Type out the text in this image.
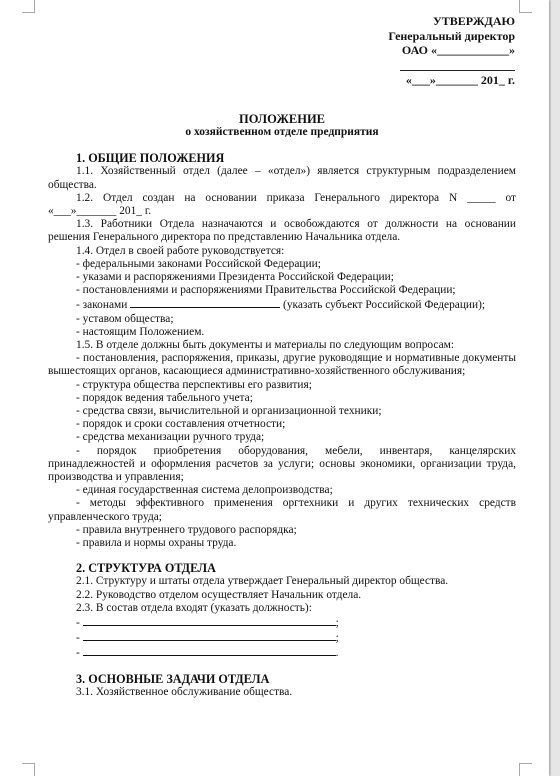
УТВЕРЖДАЮ
Генеральный директор
ОАО «____________»
«___»_______ 201_ г.
ПОЛОЖЕНИЕ
о хозяйственном отделе предприятия
1. ОБЩИЕ ПОЛОЖЕНИЯ
1.1. Хозяйственный отдел (далее – «отдел») является структурным подразделением общества.
1.2. Отдел создан на основании приказа Генерального директора N _____ от «___»_______ 201_ г.
1.3. Работники Отдела назначаются и освобождаются от должности на основании решения Генерального директора по представлению Начальника отдела.
1.4. Отдел в своей работе руководствуется:
- федеральными законами Российской Федерации;
- указами и распоряжениями Президента Российской Федерации;
- постановлениями и распоряжениями Правительства Российской Федерации;
- законами	(указать субъект Российской Федерации);
- уставом общества;
- настоящим Положением.
1.5. В отделе должны быть документы и материалы по следующим вопросам:
- постановления, распоряжения, приказы, другие руководящие и нормативные документы вышестоящих органов, касающиеся административно-хозяйственного обслуживания;
- структура общества перспективы его развития;
- порядок ведения табельного учета;
- средства связи, вычислительной и организационной техники;
- порядок и сроки составления отчетности;
- средства механизации ручного труда;
- порядок приобретения оборудования, мебели, инвентаря, канцелярских принадлежностей и оформления расчетов за услуги; основы экономики, организации труда, производства и управления;
- единая государственная система делопроизводства;
- методы эффективного применения оргтехники и других технических средств управленческого труда;
- правила внутреннего трудового распорядка;
- правила и нормы охраны труда.
2. СТРУКТУРА ОТДЕЛА
2.1. Структуру и штаты отдела утверждает Генеральный директор общества.
2.2. Руководство отделом осуществляет Начальник отдела.
2.3. В состав отдела входят (указать должность):
-	;
-	;
-	.
3. ОСНОВНЫЕ ЗАДАЧИ ОТДЕЛА
3.1. Хозяйственное обслуживание общества.
